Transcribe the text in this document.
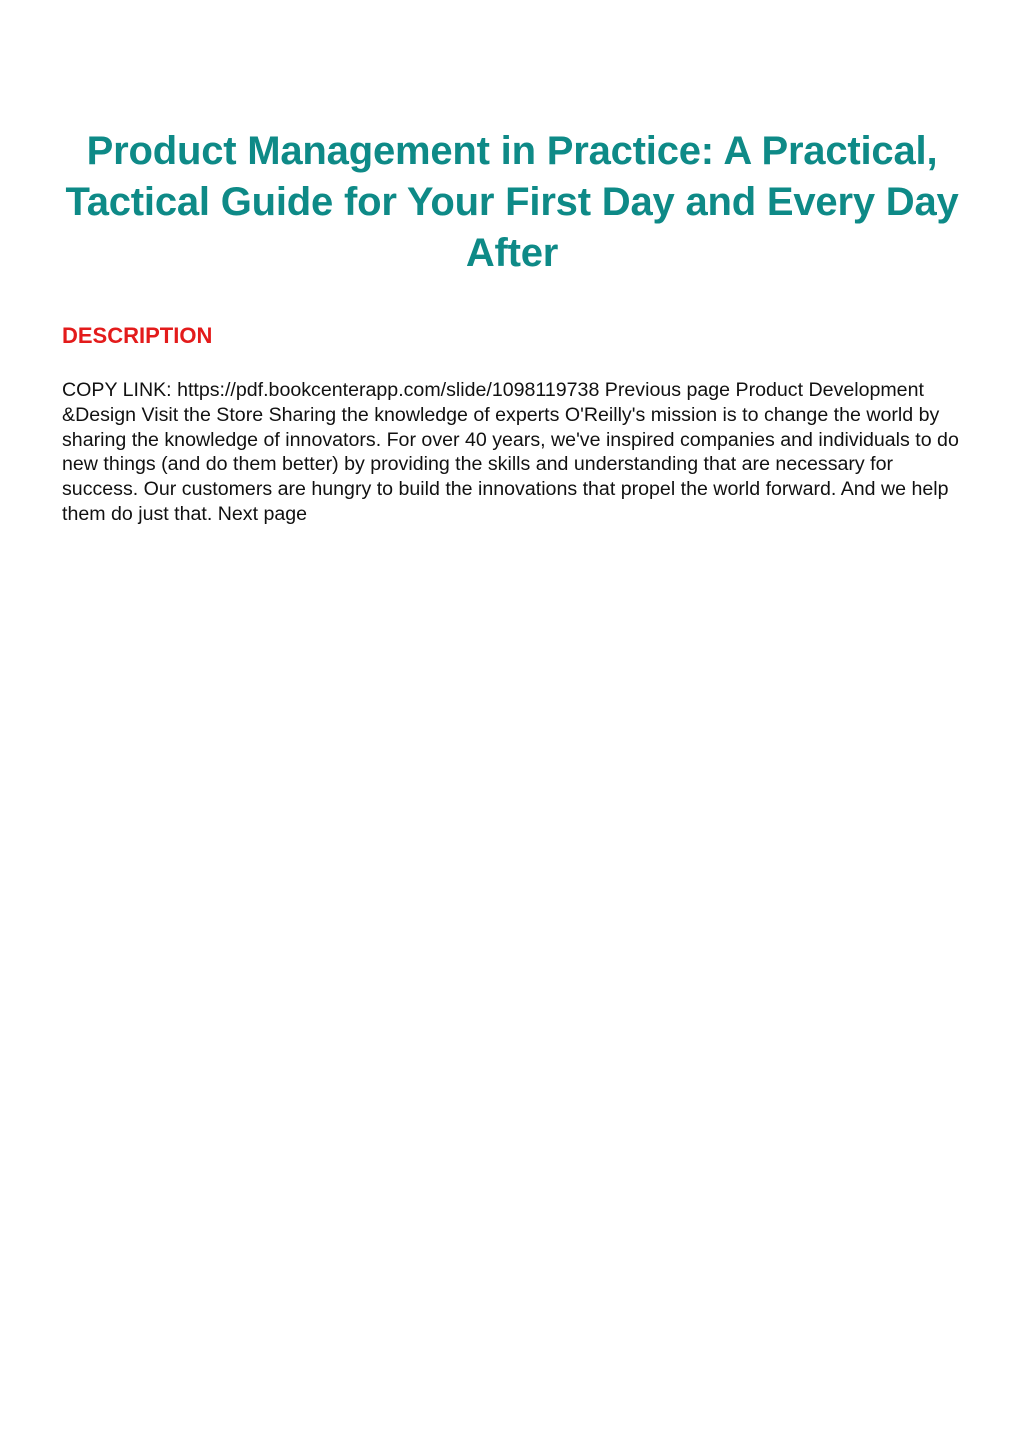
Product Management in Practice: A Practical, Tactical Guide for Your First Day and Every Day After
DESCRIPTION

COPY LINK: https://pdf.bookcenterapp.com/slide/1098119738 Previous page Product Development &Design Visit the Store Sharing the knowledge of experts O'Reilly's mission is to change the world by sharing the knowledge of innovators. For over 40 years, we've inspired companies and individuals to do new things (and do them better) by providing the skills and understanding that are necessary for success. Our customers are hungry to build the innovations that propel the world forward. And we help them do just that. Next page
